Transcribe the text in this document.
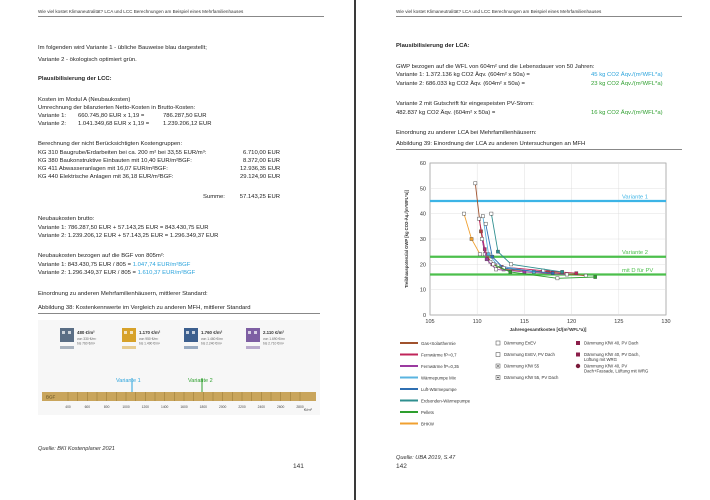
Wie viel kostet Klimaneutralität? LCA und LCC Berechnungen am Beispiel eines Mehrfamilienhauses
Im folgenden wird Variante 1 - übliche Bauweise blau dargestellt;
Variante 2 - ökologisch optimiert grün.
Plausibilisierung der LCC:
Kosten im Modul A (Neubaukosten)
Umrechnung der bilanzierten Netto-Kosten in Brutto-Kosten:
Variante 1: 660.745,80 EUR x 1,19 =	786.287,50 EUR
Variante 2: 1.041.349,68 EUR x 1,19 = 1.239.206,12 EUR
Berechnung der nicht Berücksichtigten Kostengruppen:
KG 310 Baugrube/Erdarbeiten bei ca. 200 m² bei 33,55 EUR/m³:	6.710,00 EUR
KG 380 Baukonstruktive Einbauten mit 10,40 EUR/m²BGF:	8.372,00 EUR
KG 411 Abwasseranlagen mit 16,07 EUR/m²BGF:	12.936,35 EUR
KG 440 Elektrische Anlagen mit 36,18 EUR/m²BGF:	29.124,90 EUR
Summe:	57.143,25 EUR
Neubaukosten brutto:
Variante 1: 786.287,50 EUR + 57.143,25 EUR = 843.430,75 EUR
Variante 2: 1.239.206,12 EUR + 57.143,25 EUR = 1.296.349,37 EUR
Neubaukosten bezogen auf die BGF von 805m²:
Variante 1: 843.430,75 EUR / 805 = 1.047,74 EUR/m²BGF
Variante 2: 1.296.349,37 EUR / 805 = 1.610,37 EUR/m²BGF
Einordnung zu anderen Mehrfamilienhäusern, mittlerer Standard:
Abbildung 38: Kostenkennwerte im Vergleich zu anderen MFH, mittlerer Standard
480 €/m²
von 330 €/m²
bis 760 €/m²
1.170 €/m²
von 950 €/m²
bis 1.490 €/m²
1.760 €/m²
von 1.460 €/m²
bis 2.240 €/m²
2.110 €/m²
von 1.690 €/m²
bis 2.710 €/m²
Variante 1	Variante 2
BGF
400	600	800	1000	1200	1400	1600	1800	2000	2200	2400	2600	2800 €/m²
Quelle: BKI Kostenplaner 2021
141
Wie viel kostet Klimaneutralität? LCA und LCC Berechnungen am Beispiel eines Mehrfamilienhauses
Plausibilisierung der LCA:
GWP bezogen auf die WFL von 604m² und die Lebensdauer von 50 Jahren:
Variante 1: 1.372.136 kg CO2 Äqv. (604m² x 50a) =	45 kg CO2 Äqv./(m²WFL*a)
Variante 2: 686.033 kg CO2 Äqv. (604m² x 50a) =	23 kg CO2 Äqv./(m²WFL*a)
Variante 2 mit Gutschrift für eingespeisten PV-Strom:
482.837 kg CO2 Äqv. (604m² x 50a) =	16 kg CO2 Äqv./(m²WFL*a)
Einordnung zu anderer LCA bei Mehrfamilienhäusern:
Abbildung 39: Einordnung der LCA zu anderen Untersuchungen an MFH
Variante 1
Variante 2
mit D für PV
0
10
20
30
40
50
60
105	110	115	120	125	130
Jahresgesamtkosten [€/(m²WFL*a)]
Treibhauspotenzial GWP [kg CO2-Äq./(m²WFL*a)]
Gas+Solarthermie
Fernwärme fP=0,7
Fernwärme fP=0,35
Wärmepumpe Mix
Luft-Wärmepumpe
Erdsonden-Wärmepumpe
Pellets
BHKW
Dämmung EnEV
Dämmung EnEV, PV Dach
Dämmung KfW 55
Dämmung KfW 55, PV Dach
Dämmung KfW 40, PV Dach
Dämmung KfW 40, PV Dach,
Lüftung mit WRG
Dämmung KfW 40, PV
Dach+Fassade, Lüftung mit WRG
Quelle: UBA 2019, S.47
142
